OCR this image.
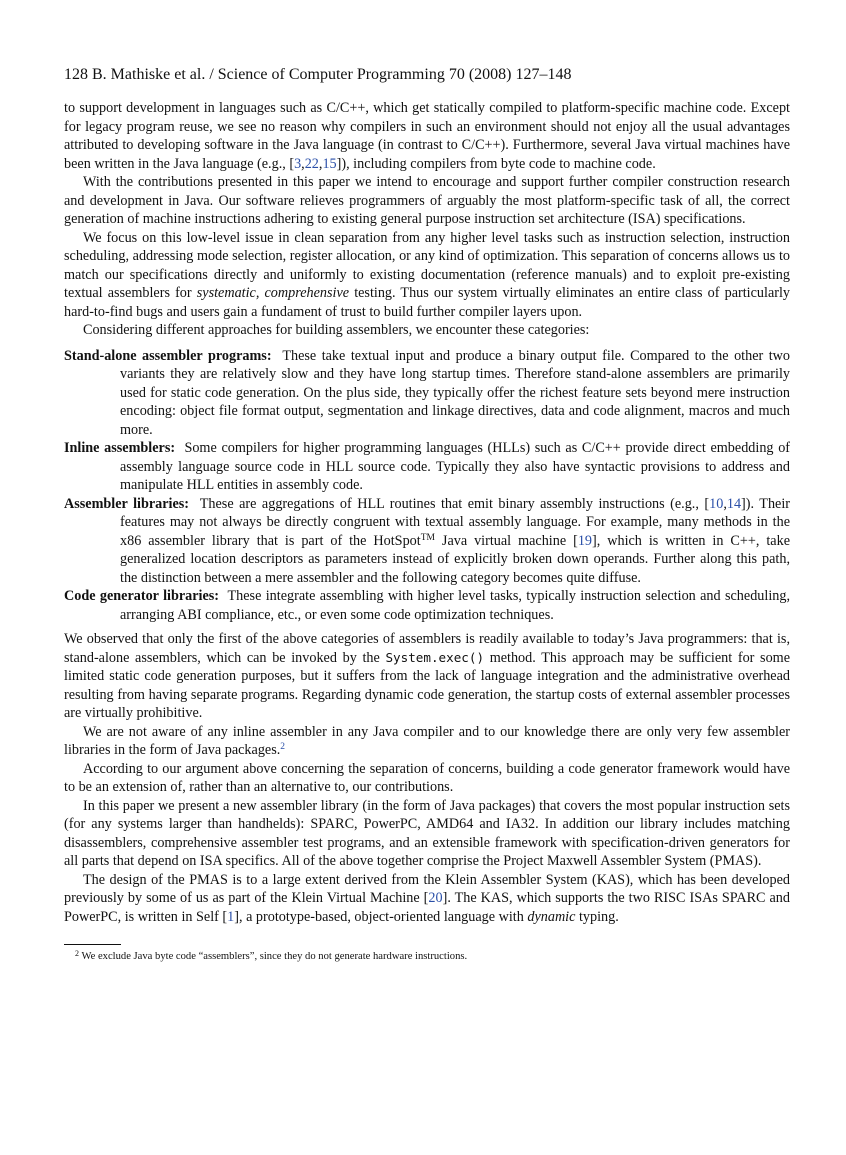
128 B. Mathiske et al. / Science of Computer Programming 70 (2008) 127–148

to support development in languages such as C/C++, which get statically compiled to platform-specific machine code. Except for legacy program reuse, we see no reason why compilers in such an environment should not enjoy all the usual advantages attributed to developing software in the Java language (in contrast to C/C++). Furthermore, several Java virtual machines have been written in the Java language (e.g., [3,22,15]), including compilers from byte code to machine code.

With the contributions presented in this paper we intend to encourage and support further compiler construction research and development in Java. Our software relieves programmers of arguably the most platform-specific task of all, the correct generation of machine instructions adhering to existing general purpose instruction set architecture (ISA) specifications.

We focus on this low-level issue in clean separation from any higher level tasks such as instruction selection, instruction scheduling, addressing mode selection, register allocation, or any kind of optimization. This separation of concerns allows us to match our specifications directly and uniformly to existing documentation (reference manuals) and to exploit pre-existing textual assemblers for systematic, comprehensive testing. Thus our system virtually eliminates an entire class of particularly hard-to-find bugs and users gain a fundament of trust to build further compiler layers upon.

Considering different approaches for building assemblers, we encounter these categories:

Stand-alone assembler programs: These take textual input and produce a binary output file. Compared to the other two variants they are relatively slow and they have long startup times. Therefore stand-alone assemblers are primarily used for static code generation. On the plus side, they typically offer the richest feature sets beyond mere instruction encoding: object file format output, segmentation and linkage directives, data and code alignment, macros and much more.
Inline assemblers: Some compilers for higher programming languages (HLLs) such as C/C++ provide direct embedding of assembly language source code in HLL source code. Typically they also have syntactic provisions to address and manipulate HLL entities in assembly code.
Assembler libraries: These are aggregations of HLL routines that emit binary assembly instructions (e.g., [10,14]). Their features may not always be directly congruent with textual assembly language. For example, many methods in the x86 assembler library that is part of the HotSpot™ Java virtual machine [19], which is written in C++, take generalized location descriptors as parameters instead of explicitly broken down operands. Further along this path, the distinction between a mere assembler and the following category becomes quite diffuse.
Code generator libraries: These integrate assembling with higher level tasks, typically instruction selection and scheduling, arranging ABI compliance, etc., or even some code optimization techniques.

We observed that only the first of the above categories of assemblers is readily available to today’s Java programmers: that is, stand-alone assemblers, which can be invoked by the System.exec() method. This approach may be sufficient for some limited static code generation purposes, but it suffers from the lack of language integration and the administrative overhead resulting from having separate programs. Regarding dynamic code generation, the startup costs of external assembler processes are virtually prohibitive.

We are not aware of any inline assembler in any Java compiler and to our knowledge there are only very few assembler libraries in the form of Java packages.$^2$

According to our argument above concerning the separation of concerns, building a code generator framework would have to be an extension of, rather than an alternative to, our contributions.

In this paper we present a new assembler library (in the form of Java packages) that covers the most popular instruction sets (for any systems larger than handhelds): SPARC, PowerPC, AMD64 and IA32. In addition our library includes matching disassemblers, comprehensive assembler test programs, and an extensible framework with specification-driven generators for all parts that depend on ISA specifics. All of the above together comprise the Project Maxwell Assembler System (PMAS).

The design of the PMAS is to a large extent derived from the Klein Assembler System (KAS), which has been developed previously by some of us as part of the Klein Virtual Machine [20]. The KAS, which supports the two RISC ISAs SPARC and PowerPC, is written in Self [1], a prototype-based, object-oriented language with dynamic typing.

$^2$ We exclude Java byte code “assemblers”, since they do not generate hardware instructions.
